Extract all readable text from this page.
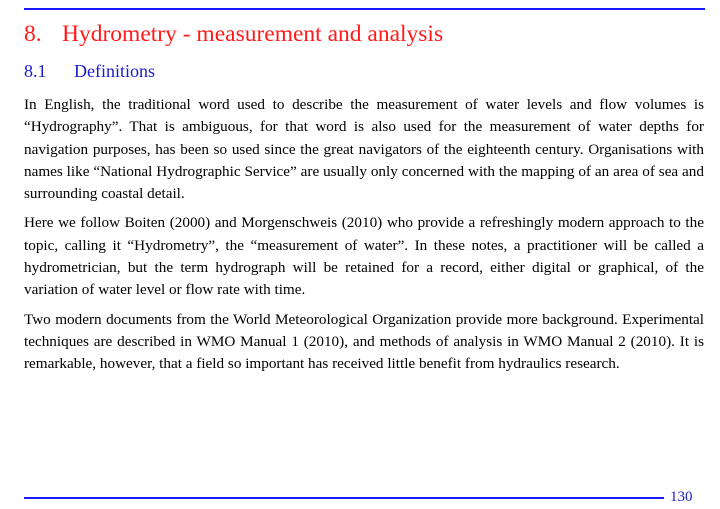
8. Hydrometry - measurement and analysis
8.1 Definitions

In English, the traditional word used to describe the measurement of water levels and flow volumes is “Hydrography”. That is ambiguous, for that word is also used for the measurement of water depths for navigation purposes, has been so used since the great navigators of the eighteenth century. Organisations with names like “National Hydrographic Service” are usually only concerned with the mapping of an area of sea and surrounding coastal detail.

Here we follow Boiten (2000) and Morgenschweis (2010) who provide a refreshingly modern approach to the topic, calling it “Hydrometry”, the “measurement of water”. In these notes, a practitioner will be called a hydrometrician, but the term hydrograph will be retained for a record, either digital or graphical, of the variation of water level or flow rate with time.

Two modern documents from the World Meteorological Organization provide more background. Experimental techniques are described in WMO Manual 1 (2010), and methods of analysis in WMO Manual 2 (2010). It is remarkable, however, that a field so important has received little benefit from hydraulics research.

130
